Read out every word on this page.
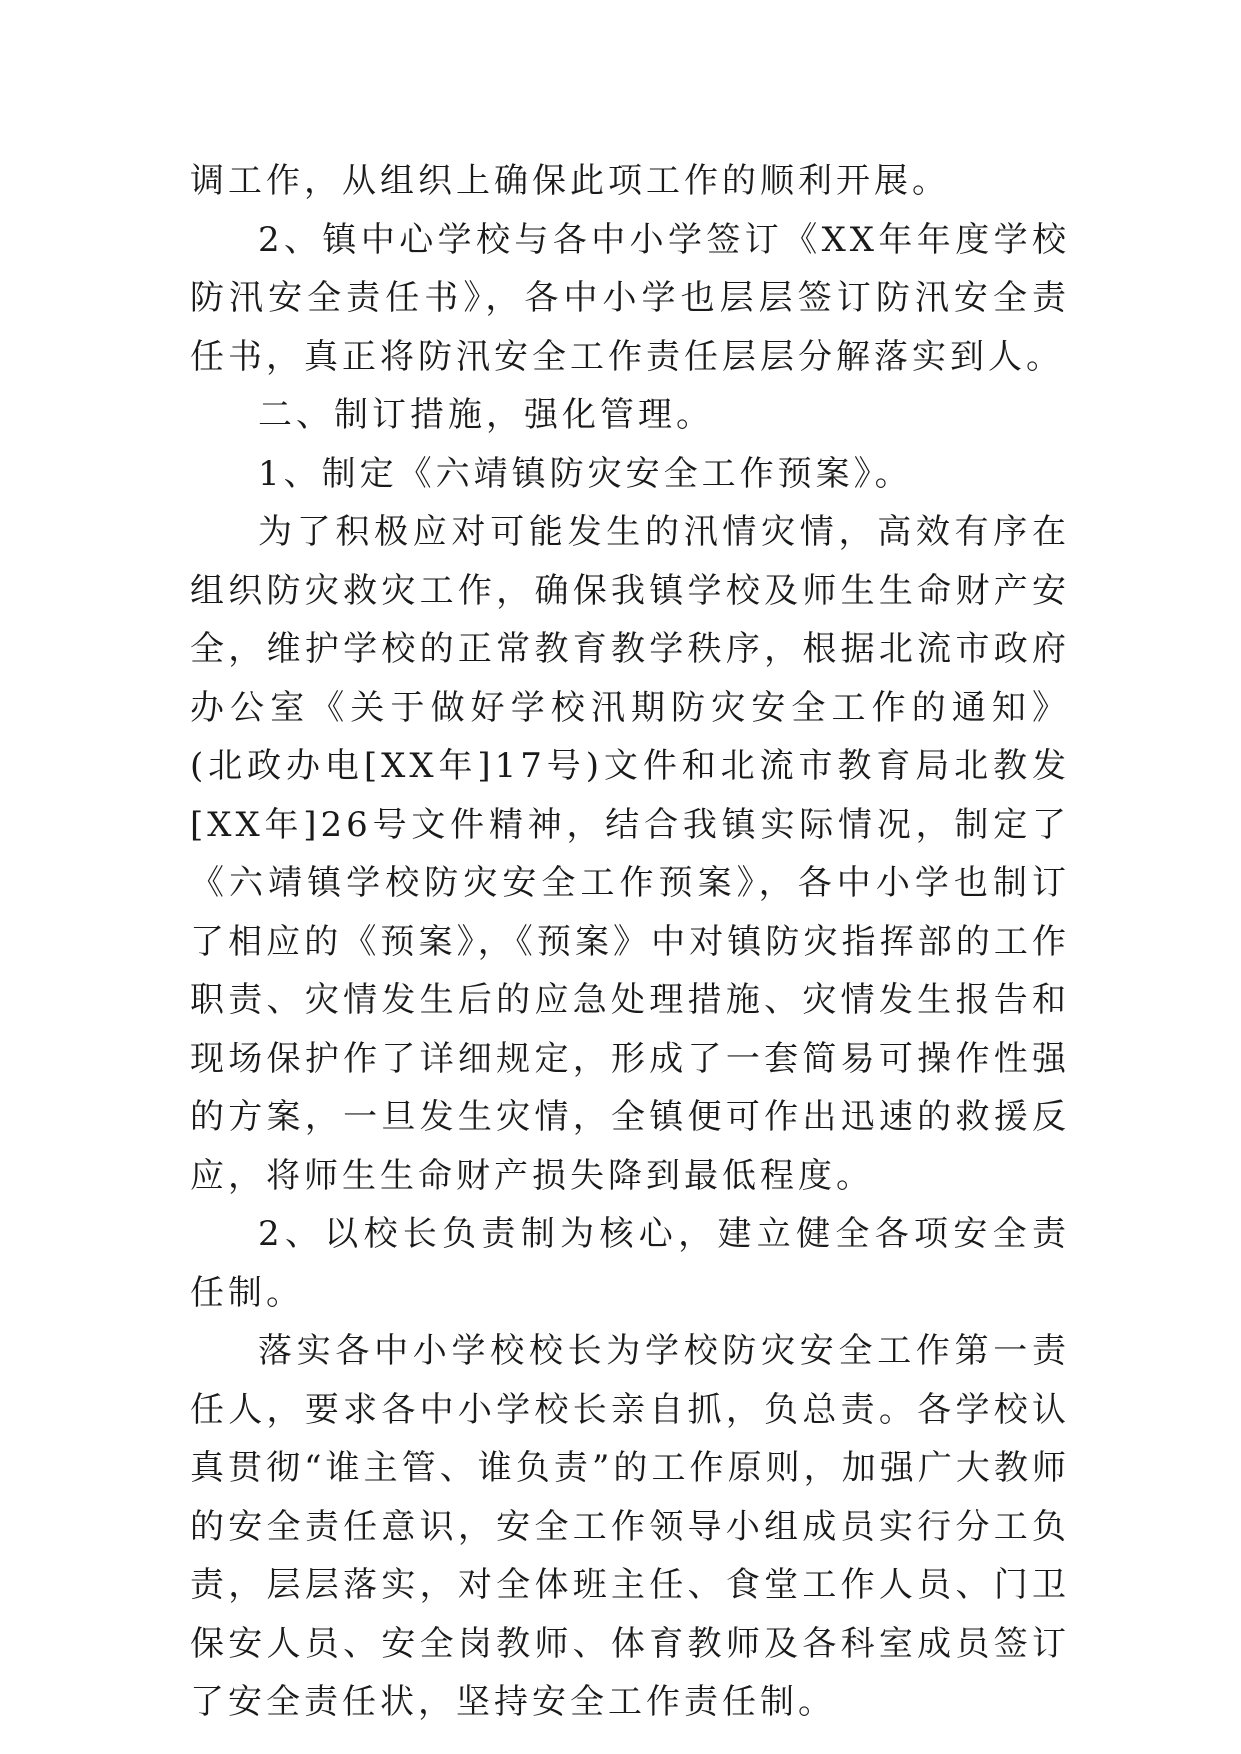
调工作，从组织上确保此项工作的顺利开展。

2、镇中心学校与各中小学签订《XX年年度学校防汛安全责任书》，各中小学也层层签订防汛安全责任书，真正将防汛安全工作责任层层分解落实到人。

二、制订措施，强化管理。

1、制定《六靖镇防灾安全工作预案》。

为了积极应对可能发生的汛情灾情，高效有序在组织防灾救灾工作，确保我镇学校及师生生命财产安全，维护学校的正常教育教学秩序，根据北流市政府办公室《关于做好学校汛期防灾安全工作的通知》(北政办电[XX年]17号)文件和北流市教育局北教发[XX年]26号文件精神，结合我镇实际情况，制定了《六靖镇学校防灾安全工作预案》，各中小学也制订了相应的《预案》，《预案》中对镇防灾指挥部的工作职责、灾情发生后的应急处理措施、灾情发生报告和现场保护作了详细规定，形成了一套简易可操作性强的方案，一旦发生灾情，全镇便可作出迅速的救援反应，将师生生命财产损失降到最低程度。

2、以校长负责制为核心，建立健全各项安全责任制。

落实各中小学校校长为学校防灾安全工作第一责任人，要求各中小学校长亲自抓，负总责。各学校认真贯彻“谁主管、谁负责”的工作原则，加强广大教师的安全责任意识，安全工作领导小组成员实行分工负责，层层落实，对全体班主任、食堂工作人员、门卫保安人员、安全岗教师、体育教师及各科室成员签订了安全责任状，坚持安全工作责任制。
